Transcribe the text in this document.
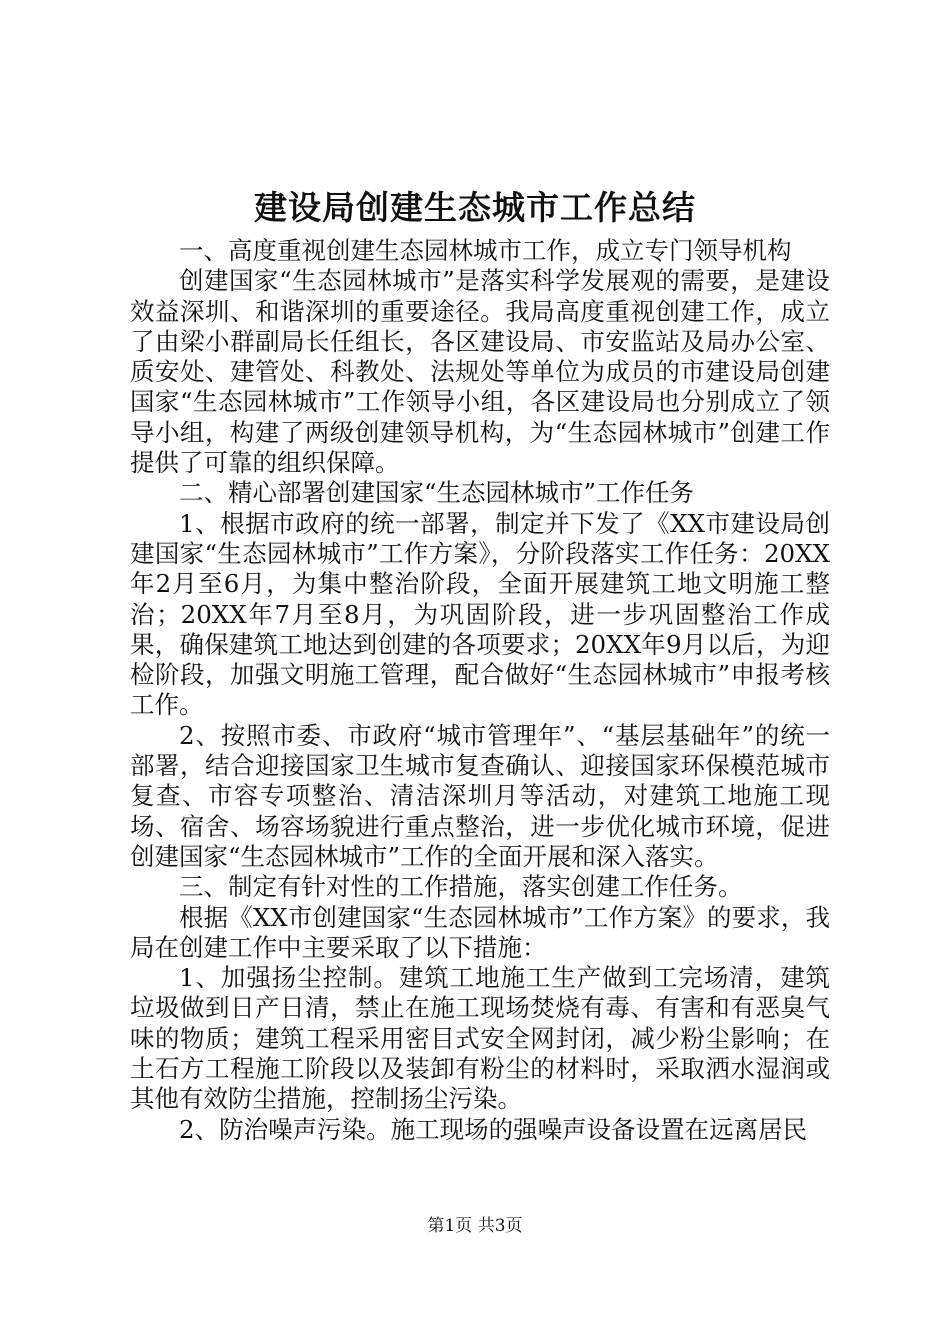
建设局创建生态城市工作总结

一、高度重视创建生态园林城市工作，成立专门领导机构

创建国家“生态园林城市”是落实科学发展观的需要，是建设效益深圳、和谐深圳的重要途径。我局高度重视创建工作，成立了由梁小群副局长任组长，各区建设局、市安监站及局办公室、质安处、建管处、科教处、法规处等单位为成员的市建设局创建国家“生态园林城市”工作领导小组，各区建设局也分别成立了领导小组，构建了两级创建领导机构，为“生态园林城市”创建工作提供了可靠的组织保障。

二、精心部署创建国家“生态园林城市”工作任务

1、根据市政府的统一部署，制定并下发了《XX市建设局创建国家“生态园林城市”工作方案》，分阶段落实工作任务：20XX年2月至6月，为集中整治阶段，全面开展建筑工地文明施工整治；20XX年7月至8月，为巩固阶段，进一步巩固整治工作成果，确保建筑工地达到创建的各项要求；20XX年9月以后，为迎检阶段，加强文明施工管理，配合做好“生态园林城市”申报考核工作。

2、按照市委、市政府“城市管理年”、“基层基础年”的统一部署，结合迎接国家卫生城市复查确认、迎接国家环保模范城市复查、市容专项整治、清洁深圳月等活动，对建筑工地施工现场、宿舍、场容场貌进行重点整治，进一步优化城市环境，促进创建国家“生态园林城市”工作的全面开展和深入落实。

三、制定有针对性的工作措施，落实创建工作任务。

根据《XX市创建国家“生态园林城市”工作方案》的要求，我局在创建工作中主要采取了以下措施：

1、加强扬尘控制。建筑工地施工生产做到工完场清，建筑垃圾做到日产日清，禁止在施工现场焚烧有毒、有害和有恶臭气味的物质；建筑工程采用密目式安全网封闭，减少粉尘影响；在土石方工程施工阶段以及装卸有粉尘的材料时，采取洒水湿润或其他有效防尘措施，控制扬尘污染。

2、防治噪声污染。施工现场的强噪声设备设置在远离居民

第1页 共3页
